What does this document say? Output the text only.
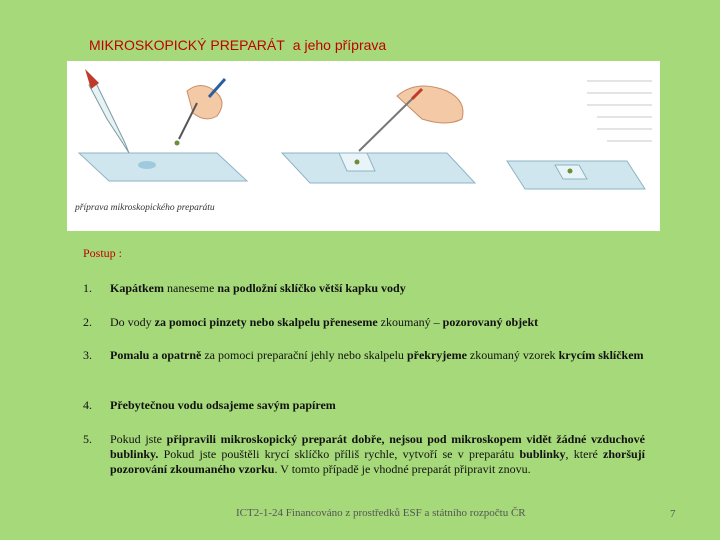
MIKROSKOPICKÝ PREPARÁT a jeho příprava
příprava mikroskopického preparátu
Postup :
1.	Kapátkem naneseme na podložní sklíčko větší kapku vody
2.	Do vody za pomoci pinzety nebo skalpelu přeneseme zkoumaný – pozorovaný objekt
3.	Pomalu a opatrně za pomoci preparační jehly nebo skalpelu překryjeme zkoumaný vzorek krycím sklíčkem
4.	Přebytečnou vodu odsajeme savým papírem
5.	Pokud jste připravili mikroskopický preparát dobře, nejsou pod mikroskopem vidět žádné vzduchové bublinky. Pokud jste pouštěli krycí sklíčko příliš rychle, vytvoří se v preparátu bublinky, které zhoršují pozorování zkoumaného vzorku. V tomto případě je vhodné preparát připravit znovu.
ICT2-1-24 Financováno z prostředků ESF a státního rozpočtu ČR	7
